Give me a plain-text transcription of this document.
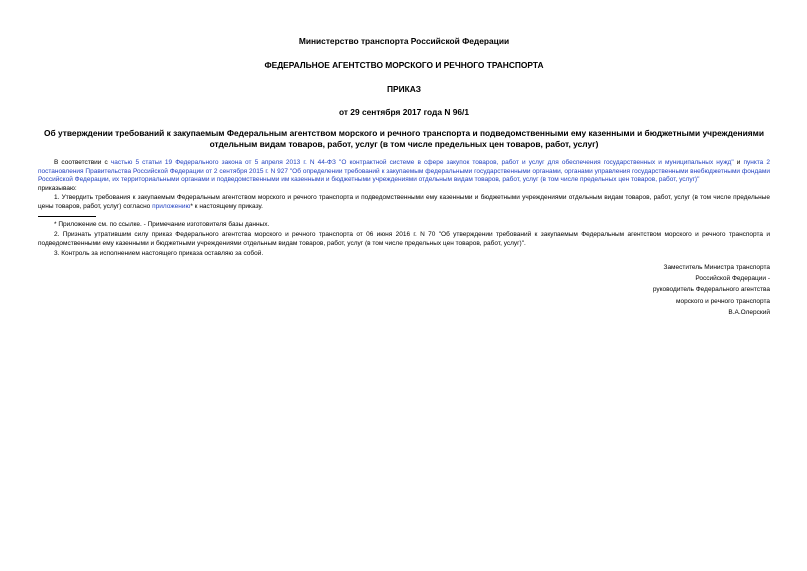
Министерство транспорта Российской Федерации
ФЕДЕРАЛЬНОЕ АГЕНТСТВО МОРСКОГО И РЕЧНОГО ТРАНСПОРТА
ПРИКАЗ
от 29 сентября 2017 года N 96/1
Об утверждении требований к закупаемым Федеральным агентством морского и речного транспорта и подведомственными ему казенными и бюджетными учреждениями отдельным видам товаров, работ, услуг (в том числе предельных цен товаров, работ, услуг)
В соответствии с частью 5 статьи 19 Федерального закона от 5 апреля 2013 г. N 44-ФЗ "О контрактной системе в сфере закупок товаров, работ и услуг для обеспечения государственных и муниципальных нужд" и пункта 2 постановления Правительства Российской Федерации от 2 сентября 2015 г. N 927 "Об определении требований к закупаемым федеральными государственными органами, органами управления государственными внебюджетными фондами Российской Федерации, их территориальными органами и подведомственными им казенными и бюджетными учреждениями отдельным видам товаров, работ, услуг (в том числе предельных цен товаров, работ, услуг)"
приказываю:
1. Утвердить требования к закупаемым Федеральным агентством морского и речного транспорта и подведомственными ему казенными и бюджетными учреждениями отдельным видам товаров, работ, услуг (в том числе предельные цены товаров, работ, услуг) согласно приложению* к настоящему приказу.
* Приложение см. по ссылке. - Примечание изготовителя базы данных.
2. Признать утратившим силу приказ Федерального агентства морского и речного транспорта от 06 июня 2016 г. N 70 "Об утверждении требований к закупаемым Федеральным агентством морского и речного транспорта и подведомственными ему казенными и бюджетными учреждениями отдельным видам товаров, работ, услуг (в том числе предельных цен товаров, работ, услуг)".
3. Контроль за исполнением настоящего приказа оставляю за собой.
Заместитель Министра транспорта
Российской Федерации -
руководитель Федерального агентства
морского и речного транспорта
В.А.Олерский
